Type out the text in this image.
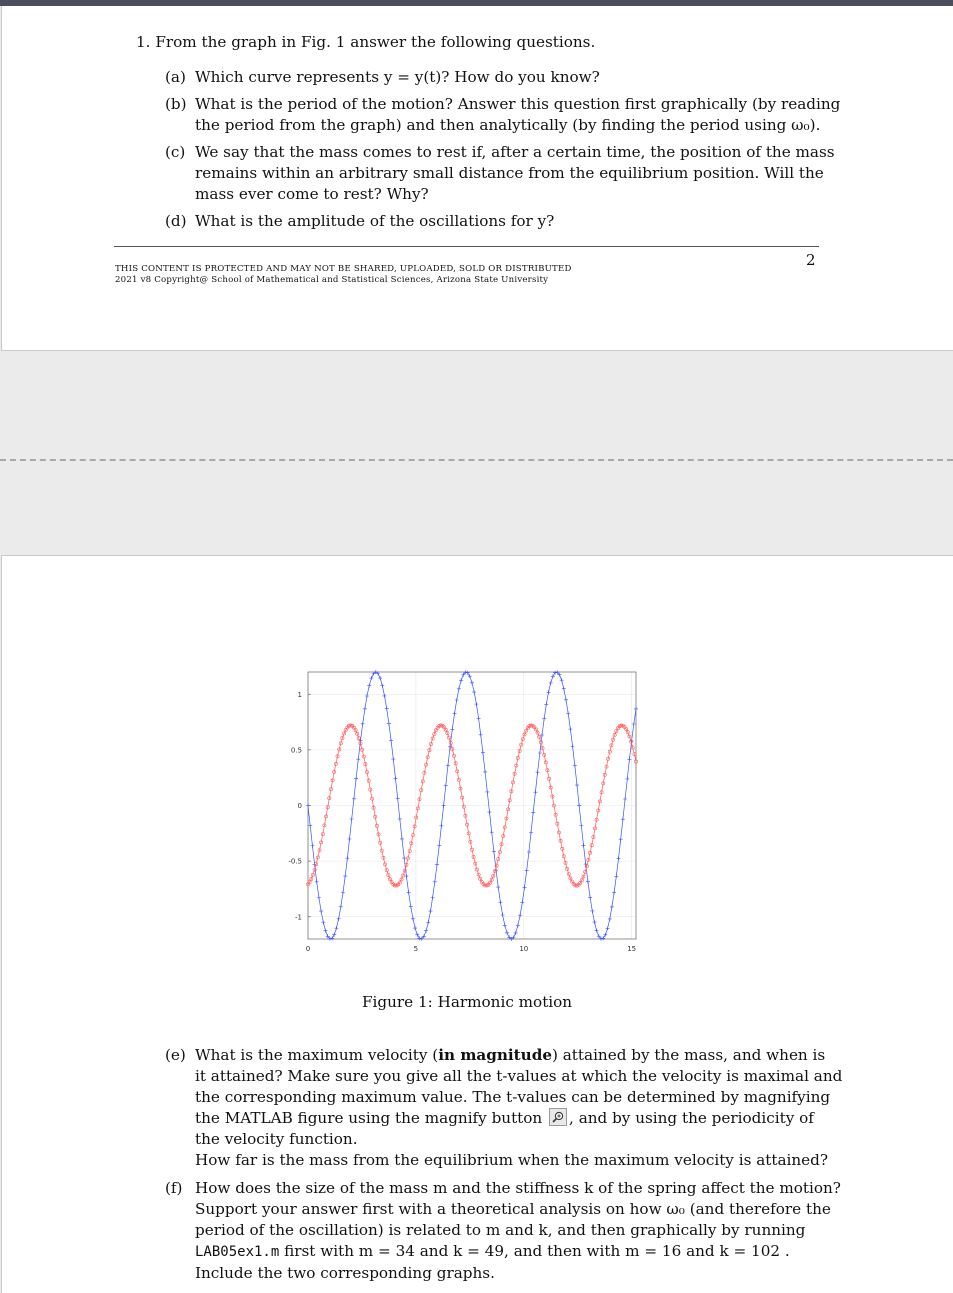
1. From the graph in Fig. 1 answer the following questions.
(a) Which curve represents y = y(t)? How do you know?
(b) What is the period of the motion? Answer this question first graphically (by reading
the period from the graph) and then analytically (by finding the period using ω₀).
(c) We say that the mass comes to rest if, after a certain time, the position of the mass
remains within an arbitrary small distance from the equilibrium position. Will the
mass ever come to rest? Why?
(d) What is the amplitude of the oscillations for y?
THIS CONTENT IS PROTECTED AND MAY NOT BE SHARED, UPLOADED, SOLD OR DISTRIBUTED
2021 v8 Copyright@ School of Mathematical and Statistical Sciences, Arizona State University
2
0	5	10	15
1
0.5
0
-0.5
-1
Figure 1: Harmonic motion
(e) What is the maximum velocity (in magnitude) attained by the mass, and when is
it attained? Make sure you give all the t-values at which the velocity is maximal and
the corresponding maximum value. The t-values can be determined by magnifying
the MATLAB figure using the magnify button , and by using the periodicity of
the velocity function.
How far is the mass from the equilibrium when the maximum velocity is attained?
(f) How does the size of the mass m and the stiffness k of the spring affect the motion?
Support your answer first with a theoretical analysis on how ω₀ (and therefore the
period of the oscillation) is related to m and k, and then graphically by running
LAB05ex1.m first with m = 34 and k = 49, and then with m = 16 and k = 102 .
Include the two corresponding graphs.
